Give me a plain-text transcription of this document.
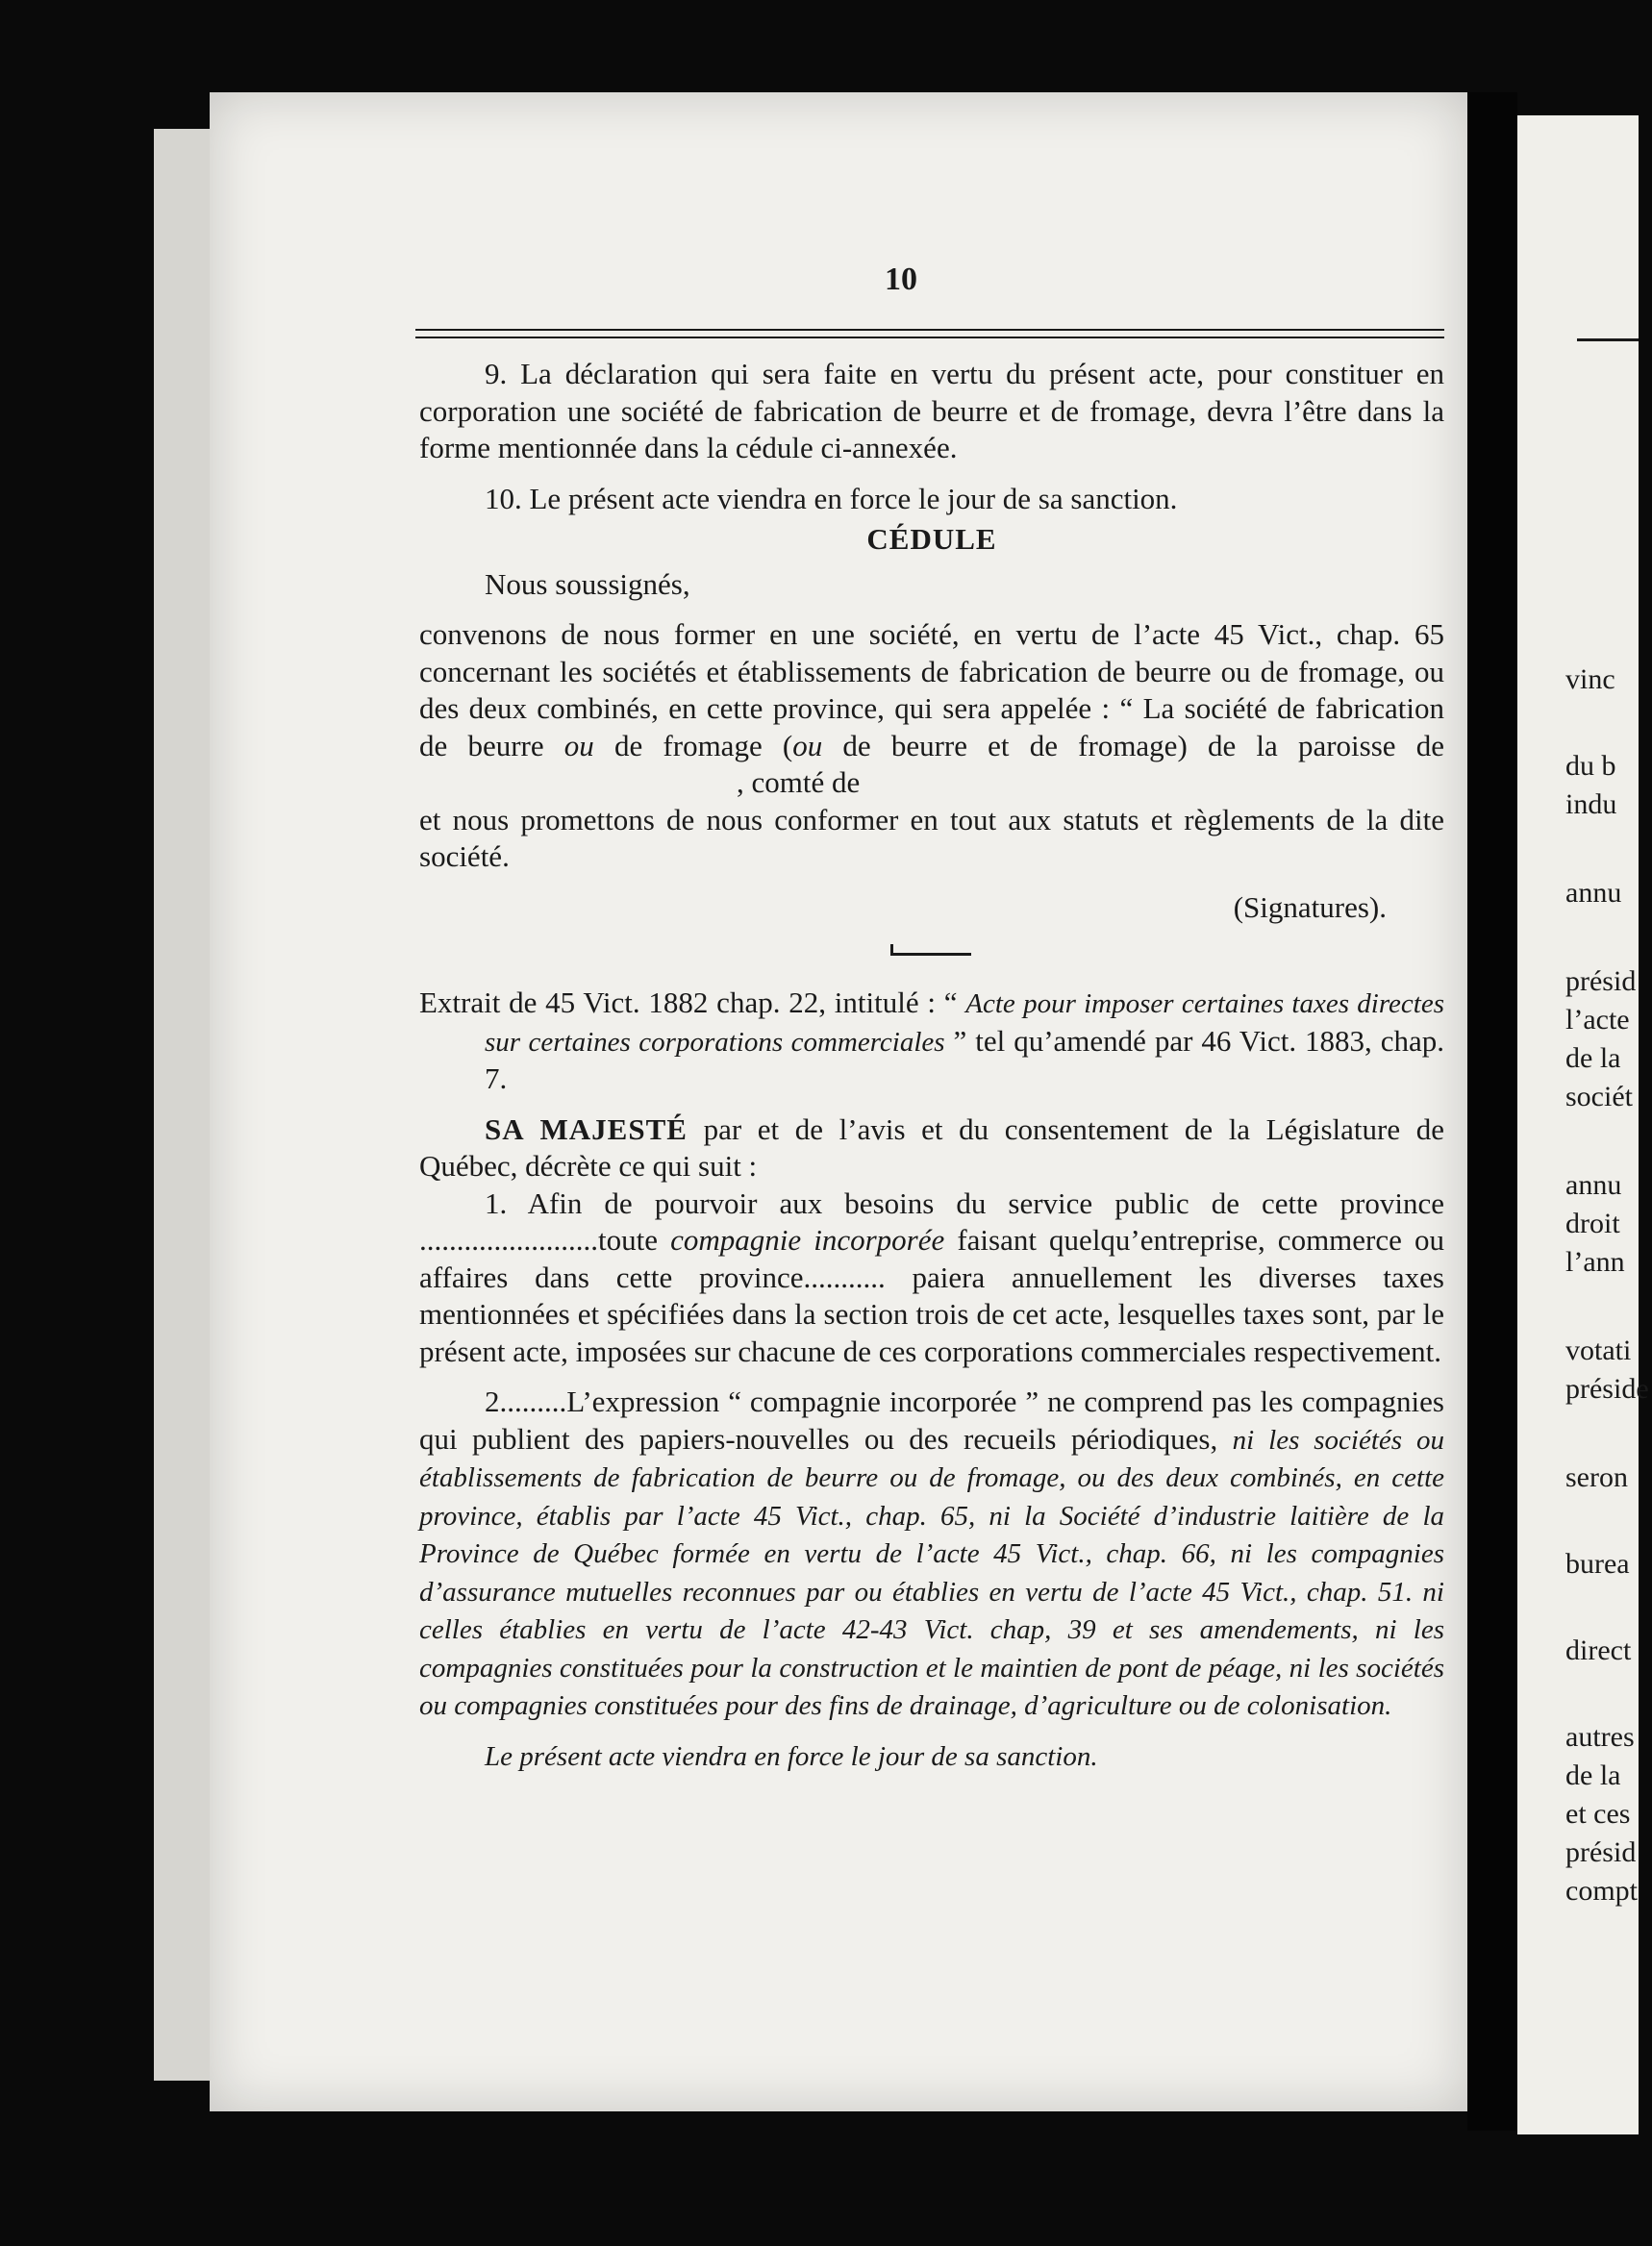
10

9. La déclaration qui sera faite en vertu du présent acte, pour constituer en corporation une société de fabrication de beurre et de fromage, devra l’être dans la forme mentionnée dans la cédule ci-annexée.

10. Le présent acte viendra en force le jour de sa sanction.

CÉDULE

Nous soussignés,

convenons de nous former en une société, en vertu de l’acte 45 Vict., chap. 65 concernant les sociétés et établissements de fabrication de beurre ou de fromage, ou des deux combinés, en cette province, qui sera appelée : “ La société de fabrication de beurre ou de fromage (ou de beurre et de fromage) de la paroisse de, comté de

et nous promettons de nous conformer en tout aux statuts et règlements de la dite société.

(Signatures).

Extrait de 45 Vict. 1882 chap. 22, intitulé : “ Acte pour imposer certaines taxes directes sur certaines corporations commerciales ” tel qu’amendé par 46 Vict. 1883, chap. 7.

SA MAJESTÉ par et de l’avis et du consentement de la Législature de Québec, décrète ce qui suit :

1. Afin de pourvoir aux besoins du service public de cette province ........................toute compagnie incorporée faisant quelqu’entreprise, commerce ou affaires dans cette province........... paiera annuellement les diverses taxes mentionnées et spécifiées dans la section trois de cet acte, lesquelles taxes sont, par le présent acte, imposées sur chacune de ces corporations commerciales respectivement.

2.........L’expression “ compagnie incorporée ” ne comprend pas les compagnies qui publient des papiers-nouvelles ou des recueils périodiques, ni les sociétés ou établissements de fabrication de beurre ou de fromage, ou des deux combinés, en cette province, établis par l’acte 45 Vict., chap. 65, ni la Société d’industrie laitière de la Province de Québec formée en vertu de l’acte 45 Vict., chap. 66, ni les compagnies d’assurance mutuelles reconnues par ou établies en vertu de l’acte 45 Vict., chap. 51. ni celles établies en vertu de l’acte 42-43 Vict. chap, 39 et ses amendements, ni les compagnies constituées pour la construction et le maintien de pont de péage, ni les sociétés ou compagnies constituées pour des fins de drainage, d’agriculture ou de colonisation.

Le présent acte viendra en force le jour de sa sanction.

vinc
du b
indu
annu
présid
l’acte
de la
sociét
annu
droit
l’ann
votati
préside
seron
burea
direct
autres
de la
et ces
présid
compt
